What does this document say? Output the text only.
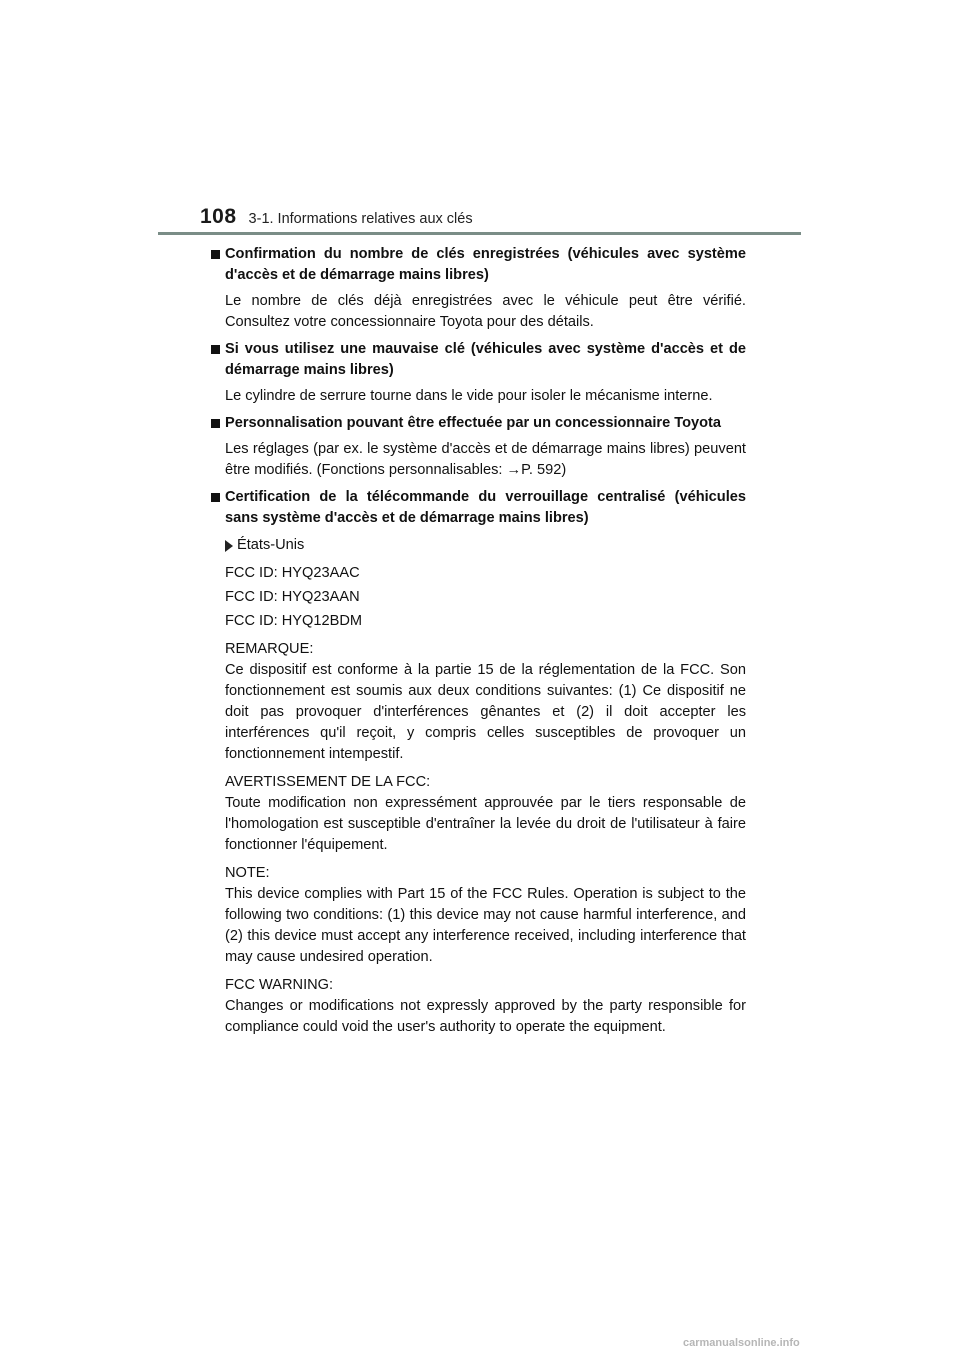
108 3-1. Informations relatives aux clés
Confirmation du nombre de clés enregistrées (véhicules avec système d'accès et de démarrage mains libres)
Le nombre de clés déjà enregistrées avec le véhicule peut être vérifié. Consultez votre concessionnaire Toyota pour des détails.
Si vous utilisez une mauvaise clé (véhicules avec système d'accès et de démarrage mains libres)
Le cylindre de serrure tourne dans le vide pour isoler le mécanisme interne.
Personnalisation pouvant être effectuée par un concessionnaire Toyota
Les réglages (par ex. le système d'accès et de démarrage mains libres) peuvent être modifiés. (Fonctions personnalisables: →P. 592)
Certification de la télécommande du verrouillage centralisé (véhicules sans système d'accès et de démarrage mains libres)
États-Unis
FCC ID: HYQ23AAC
FCC ID: HYQ23AAN
FCC ID: HYQ12BDM
REMARQUE:
Ce dispositif est conforme à la partie 15 de la réglementation de la FCC. Son fonctionnement est soumis aux deux conditions suivantes: (1) Ce dispositif ne doit pas provoquer d'interférences gênantes et (2) il doit accepter les interférences qu'il reçoit, y compris celles susceptibles de provoquer un fonctionnement intempestif.
AVERTISSEMENT DE LA FCC:
Toute modification non expressément approuvée par le tiers responsable de l'homologation est susceptible d'entraîner la levée du droit de l'utilisateur à faire fonctionner l'équipement.
NOTE:
This device complies with Part 15 of the FCC Rules. Operation is subject to the following two conditions: (1) this device may not cause harmful interference, and (2) this device must accept any interference received, including interference that may cause undesired operation.
FCC WARNING:
Changes or modifications not expressly approved by the party responsible for compliance could void the user's authority to operate the equipment.
carmanualsonline.info
